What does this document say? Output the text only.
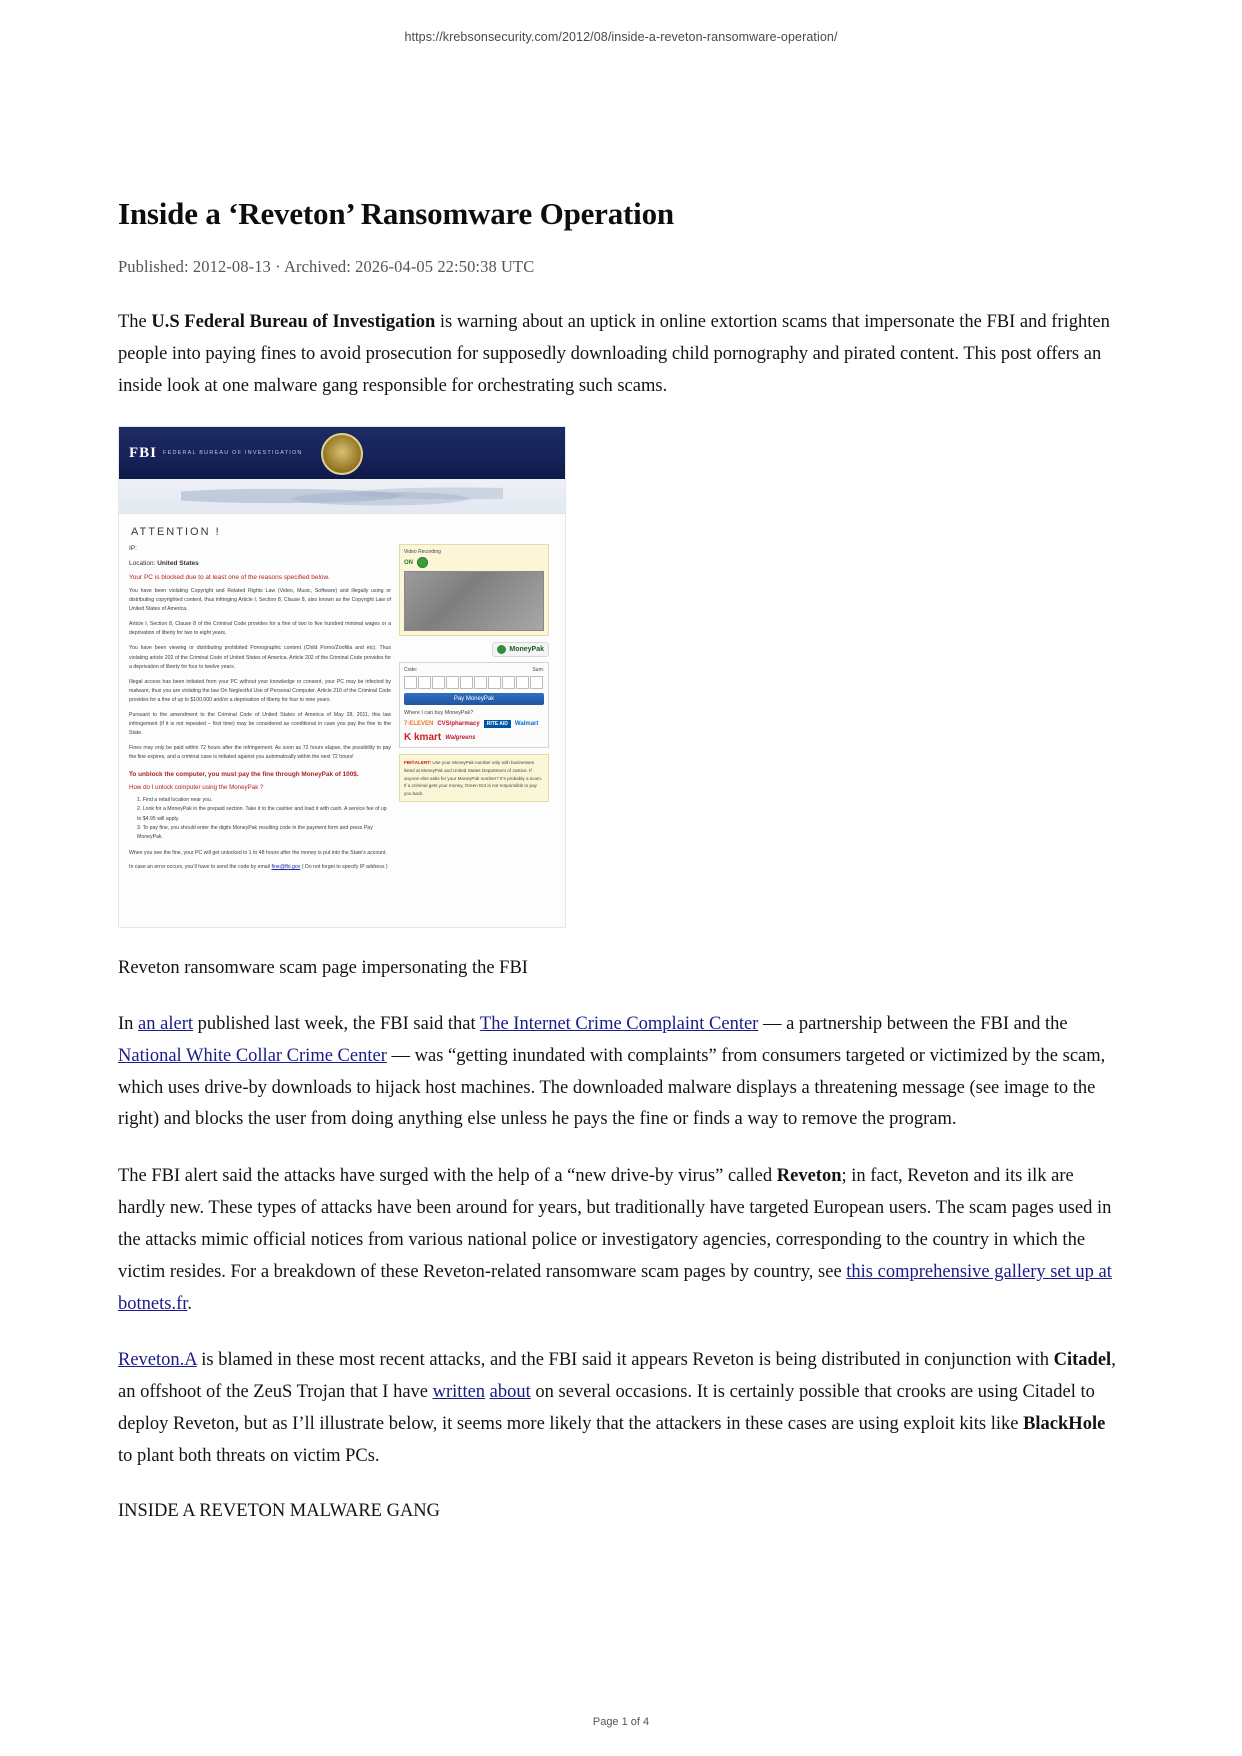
https://krebsonsecurity.com/2012/08/inside-a-reveton-ransomware-operation/
Inside a ‘Reveton’ Ransomware Operation
Published: 2012-08-13 · Archived: 2026-04-05 22:50:38 UTC

The U.S Federal Bureau of Investigation is warning about an uptick in online extortion scams that impersonate the FBI and frighten people into paying fines to avoid prosecution for supposedly downloading child pornography and pirated content. This post offers an inside look at one malware gang responsible for orchestrating such scams.

FBI FEDERAL BUREAU OF INVESTIGATION
ATTENTION !
IP:
Location: United States
Your PC is blocked due to at least one of the reasons specified below.
You have been violating Copyright and Related Rights Law (Video, Music, Software) and illegally using or distributing copyrighted content, thus infringing Article I, Section 8, Clause 8, also known as the Copyright Law of United States of America.
Article I, Section 8, Clause 8 of the Criminal Code provides for a fine of two to five hundred minimal wages or a deprivation of liberty for two to eight years.
You have been viewing or distributing prohibited Pornographic content (Child Porno/Zoofilia and etc). Thus violating article 202 of the Criminal Code of United States of America. Article 202 of the Criminal Code provides for a deprivation of liberty for four to twelve years.
Illegal access has been initiated from your PC without your knowledge or consent, your PC may be infected by malware, thus you are violating the law On Neglectful Use of Personal Computer. Article 210 of the Criminal Code provides for a fine of up to $100,000 and/or a deprivation of liberty for four to nine years.
Pursuant to the amendment to the Criminal Code of United States of America of May 28, 2011, this law infringement (if it is not repeated – first time) may be considered as conditional in case you pay the fine to the State.
Fines may only be paid within 72 hours after the infringement. As soon as 72 hours elapse, the possibility to pay the fine expires, and a criminal case is initiated against you automatically within the next 72 hours!
To unblock the computer, you must pay the fine through MoneyPak of 100$.
How do I unlock computer using the MoneyPak ?
1. Find a retail location near you.
2. Look for a MoneyPak in the prepaid section. Take it to the cashier and load it with cash. A service fee of up to $4.95 will apply.
3. To pay fine, you should enter the digits MoneyPak resulting code in the payment form and press Pay MoneyPak.
When you see the fine, your PC will get unlocked in 1 to 48 hours after the money is put into the State's account.
In case an error occurs, you’ll have to send the code by email fine@fbi.gov ( Do not forget to specify IP address )
Video Recording
ON
MoneyPak
Code:	Sum:
Pay MoneyPak
Where I can buy MoneyPak?
7-ELEVEN CVS/pharmacy	RITE AID	Walmart
K kmart Walgreens
FBI®ALERT: Use your MoneyPak number only with businesses listed at MoneyPak and United States Department of Justice. If anyone else asks for your MoneyPak number? It’s probably a scam. If a criminal gets your money, Green Dot is not responsible to pay you back.

Reveton ransomware scam page impersonating the FBI

In an alert published last week, the FBI said that The Internet Crime Complaint Center — a partnership between the FBI and the National White Collar Crime Center — was “getting inundated with complaints” from consumers targeted or victimized by the scam, which uses drive-by downloads to hijack host machines. The downloaded malware displays a threatening message (see image to the right) and blocks the user from doing anything else unless he pays the fine or finds a way to remove the program.

The FBI alert said the attacks have surged with the help of a “new drive-by virus” called Reveton; in fact, Reveton and its ilk are hardly new. These types of attacks have been around for years, but traditionally have targeted European users. The scam pages used in the attacks mimic official notices from various national police or investigatory agencies, corresponding to the country in which the victim resides. For a breakdown of these Reveton-related ransomware scam pages by country, see this comprehensive gallery set up at botnets.fr.

Reveton.A is blamed in these most recent attacks, and the FBI said it appears Reveton is being distributed in conjunction with Citadel, an offshoot of the ZeuS Trojan that I have written about on several occasions. It is certainly possible that crooks are using Citadel to deploy Reveton, but as I’ll illustrate below, it seems more likely that the attackers in these cases are using exploit kits like BlackHole to plant both threats on victim PCs.

INSIDE A REVETON MALWARE GANG

Page 1 of 4
